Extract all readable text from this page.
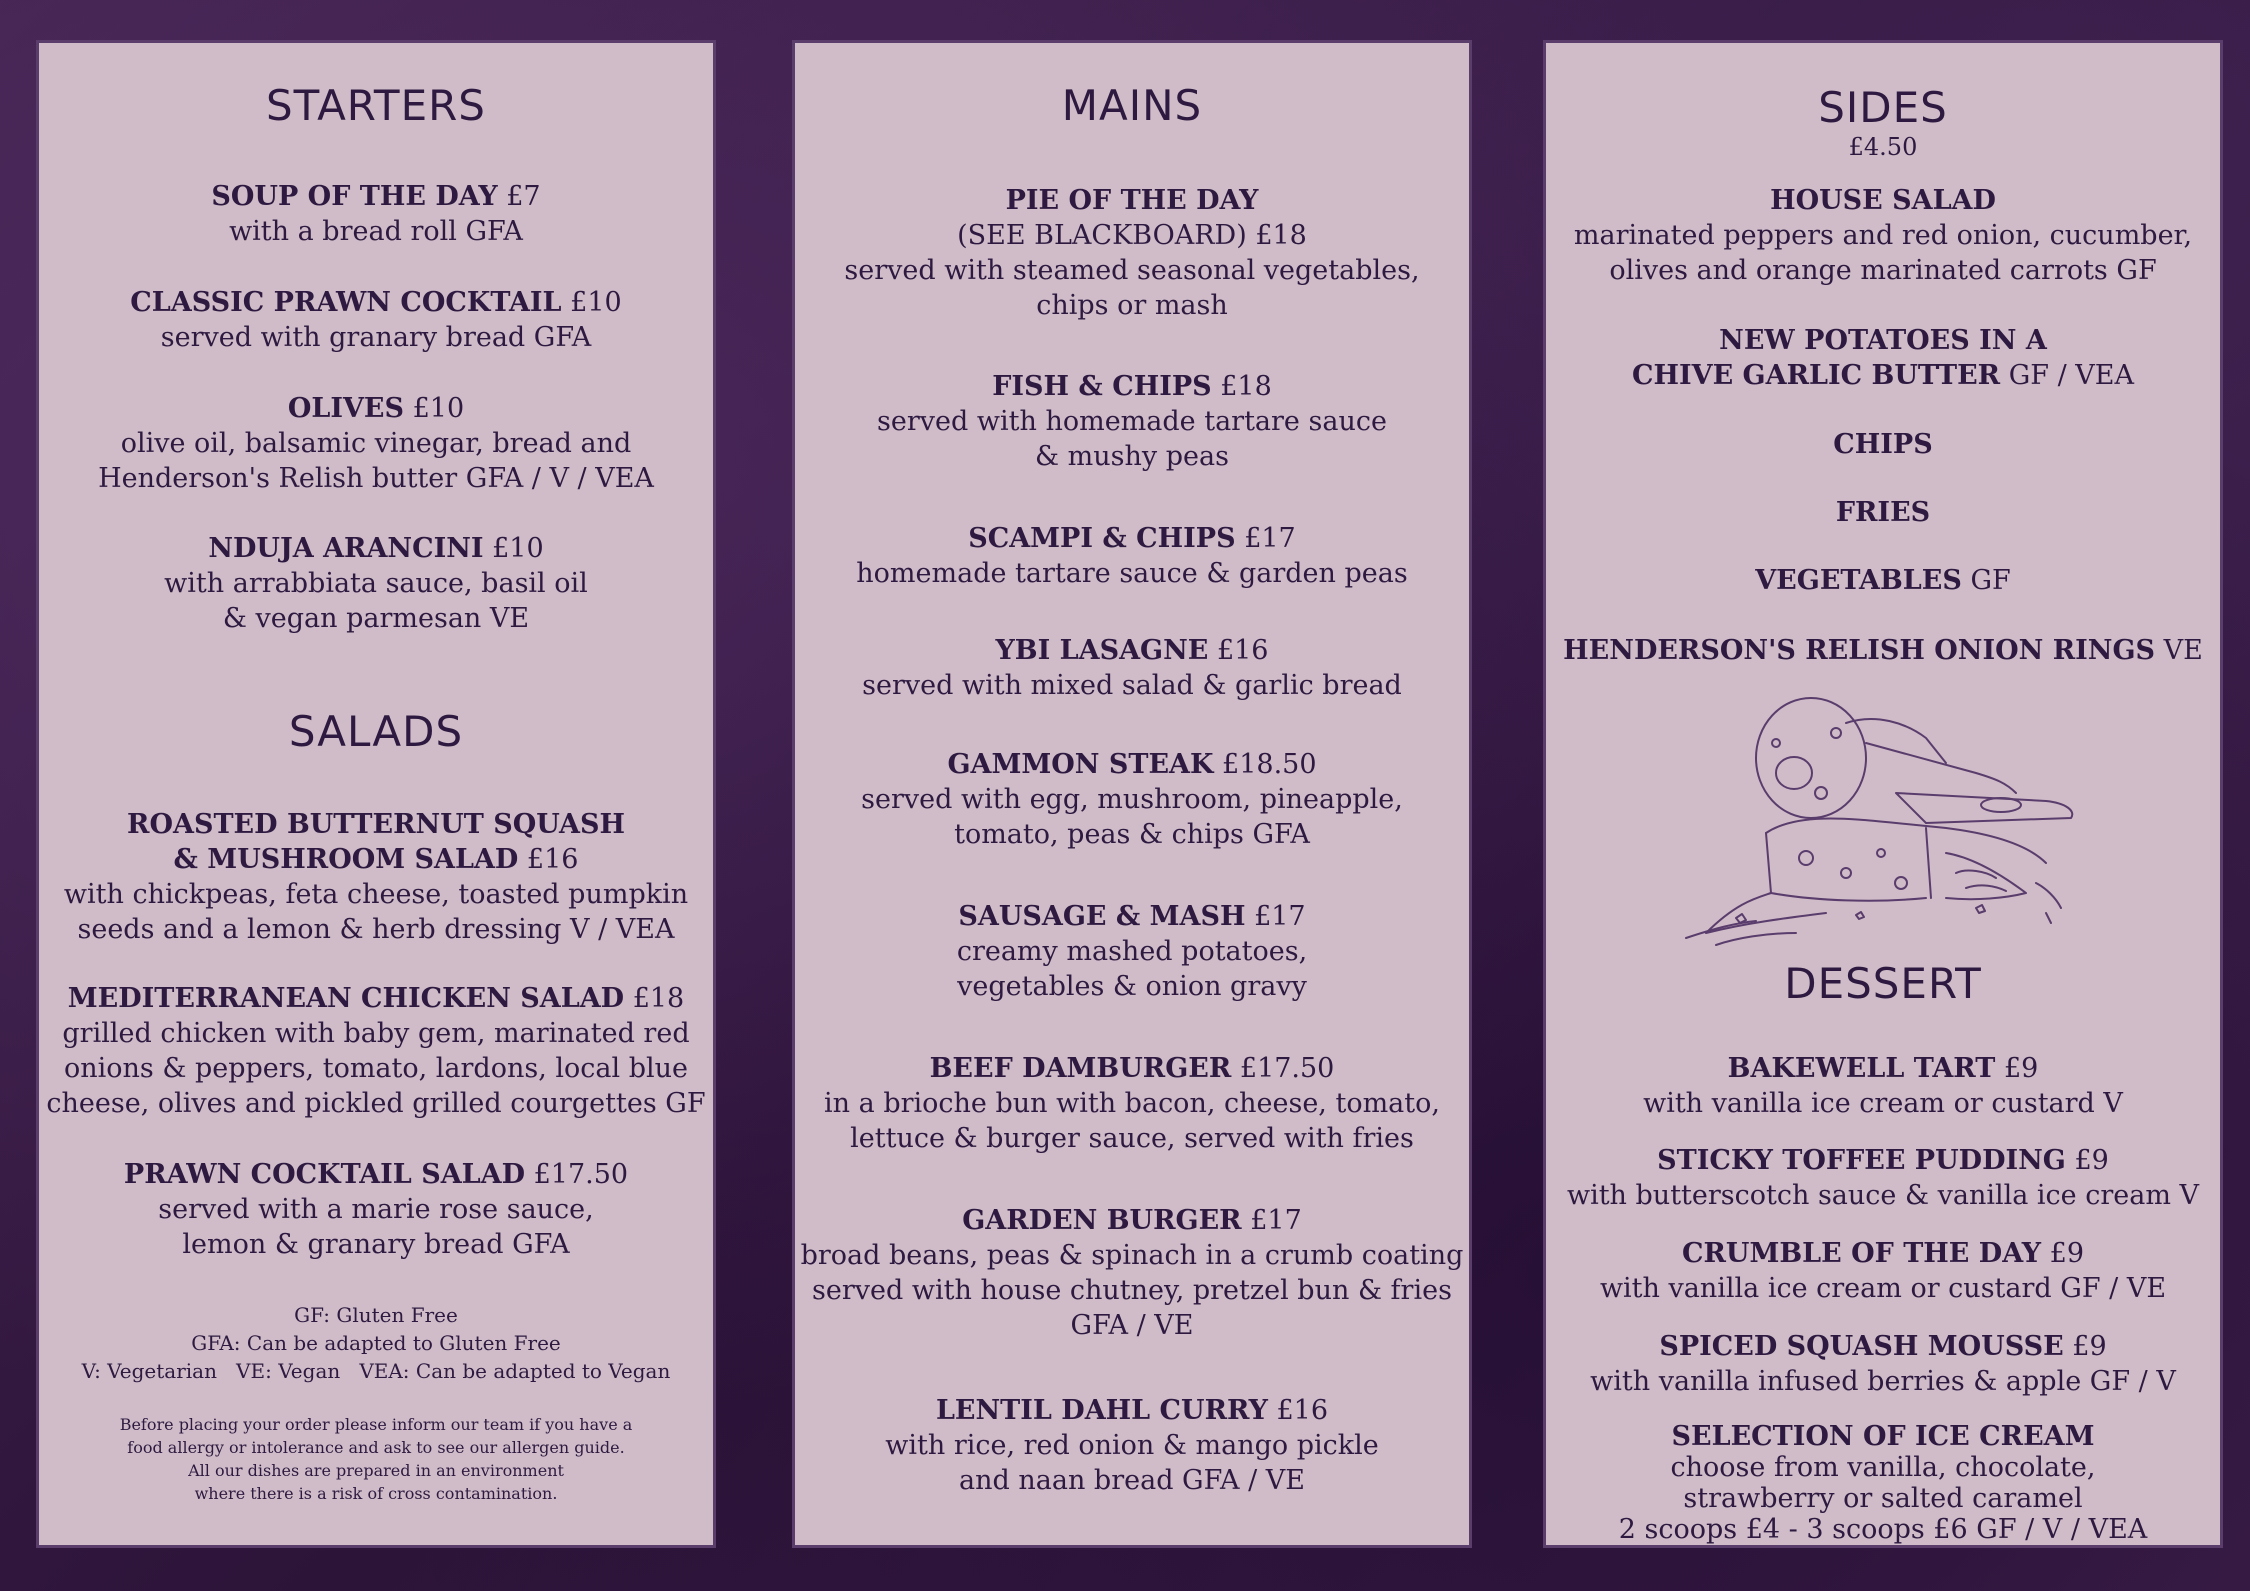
STARTERS
SOUP OF THE DAY £7
with a bread roll GFA
CLASSIC PRAWN COCKTAIL £10
served with granary bread GFA
OLIVES £10
olive oil, balsamic vinegar, bread and
Henderson's Relish butter GFA / V / VEA
NDUJA ARANCINI £10
with arrabbiata sauce, basil oil
& vegan parmesan VE
SALADS
ROASTED BUTTERNUT SQUASH
& MUSHROOM SALAD £16
with chickpeas, feta cheese, toasted pumpkin
seeds and a lemon & herb dressing V / VEA
MEDITERRANEAN CHICKEN SALAD £18
grilled chicken with baby gem, marinated red
onions & peppers, tomato, lardons, local blue
cheese, olives and pickled grilled courgettes GF
PRAWN COCKTAIL SALAD £17.50
served with a marie rose sauce,
lemon & granary bread GFA
GF: Gluten Free
GFA: Can be adapted to Gluten Free
V: Vegetarian   VE: Vegan   VEA: Can be adapted to Vegan
Before placing your order please inform our team if you have a
food allergy or intolerance and ask to see our allergen guide.
All our dishes are prepared in an environment
where there is a risk of cross contamination.
MAINS
PIE OF THE DAY
(SEE BLACKBOARD) £18
served with steamed seasonal vegetables,
chips or mash
FISH & CHIPS £18
served with homemade tartare sauce
& mushy peas
SCAMPI & CHIPS £17
homemade tartare sauce & garden peas
YBI LASAGNE £16
served with mixed salad & garlic bread
GAMMON STEAK £18.50
served with egg, mushroom, pineapple,
tomato, peas & chips GFA
SAUSAGE & MASH £17
creamy mashed potatoes,
vegetables & onion gravy
BEEF DAMBURGER £17.50
in a brioche bun with bacon, cheese, tomato,
lettuce & burger sauce, served with fries
GARDEN BURGER £17
broad beans, peas & spinach in a crumb coating
served with house chutney, pretzel bun & fries
GFA / VE
LENTIL DAHL CURRY £16
with rice, red onion & mango pickle
and naan bread GFA / VE
SIDES
£4.50
HOUSE SALAD
marinated peppers and red onion, cucumber,
olives and orange marinated carrots GF
NEW POTATOES IN A
CHIVE GARLIC BUTTER GF / VEA
CHIPS
FRIES
VEGETABLES GF
HENDERSON'S RELISH ONION RINGS VE
DESSERT
BAKEWELL TART £9
with vanilla ice cream or custard V
STICKY TOFFEE PUDDING £9
with butterscotch sauce & vanilla ice cream V
CRUMBLE OF THE DAY £9
with vanilla ice cream or custard GF / VE
SPICED SQUASH MOUSSE £9
with vanilla infused berries & apple GF / V
SELECTION OF ICE CREAM
choose from vanilla, chocolate,
strawberry or salted caramel
2 scoops £4 - 3 scoops £6 GF / V / VEA
